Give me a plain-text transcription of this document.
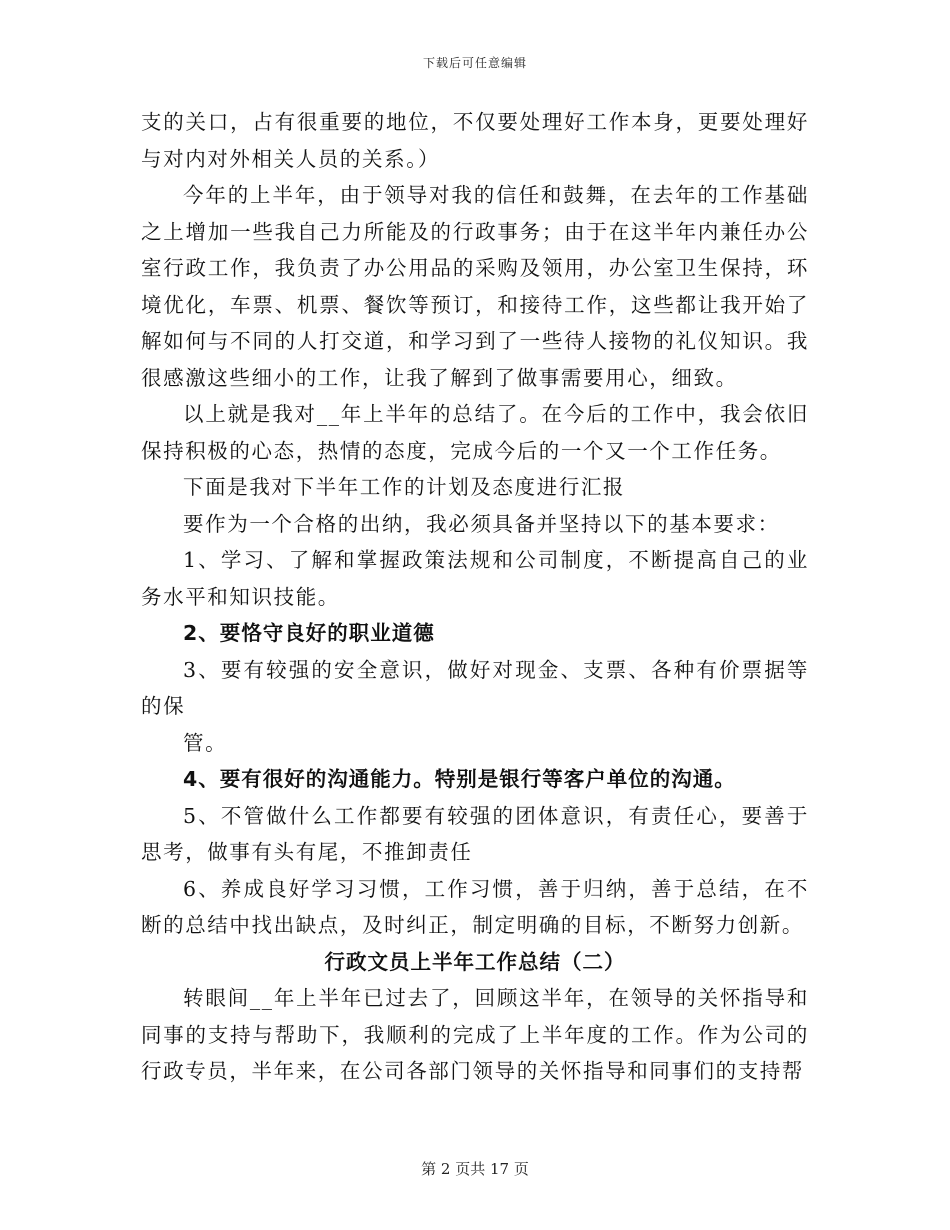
下载后可任意编辑

支的关口，占有很重要的地位，不仅要处理好工作本身，更要处理好与对内对外相关人员的关系。）

今年的上半年，由于领导对我的信任和鼓舞，在去年的工作基础之上增加一些我自己力所能及的行政事务；由于在这半年内兼任办公室行政工作，我负责了办公用品的采购及领用，办公室卫生保持，环境优化，车票、机票、餐饮等预订，和接待工作，这些都让我开始了解如何与不同的人打交道，和学习到了一些待人接物的礼仪知识。我很感激这些细小的工作，让我了解到了做事需要用心，细致。

以上就是我对__年上半年的总结了。在今后的工作中，我会依旧保持积极的心态，热情的态度，完成今后的一个又一个工作任务。

下面是我对下半年工作的计划及态度进行汇报

要作为一个合格的出纳，我必须具备并坚持以下的基本要求：

1、学习、了解和掌握政策法规和公司制度，不断提高自己的业务水平和知识技能。

2、要恪守良好的职业道德

3、要有较强的安全意识，做好对现金、支票、各种有价票据等的保

管。

4、要有很好的沟通能力。特别是银行等客户单位的沟通。

5、不管做什么工作都要有较强的团体意识，有责任心，要善于思考，做事有头有尾，不推卸责任

6、养成良好学习习惯，工作习惯，善于归纳，善于总结，在不断的总结中找出缺点，及时纠正，制定明确的目标，不断努力创新。

行政文员上半年工作总结（二）

转眼间__年上半年已过去了，回顾这半年，在领导的关怀指导和同事的支持与帮助下，我顺利的完成了上半年度的工作。作为公司的行政专员，半年来，在公司各部门领导的关怀指导和同事们的支持帮

第 2 页共 17 页
